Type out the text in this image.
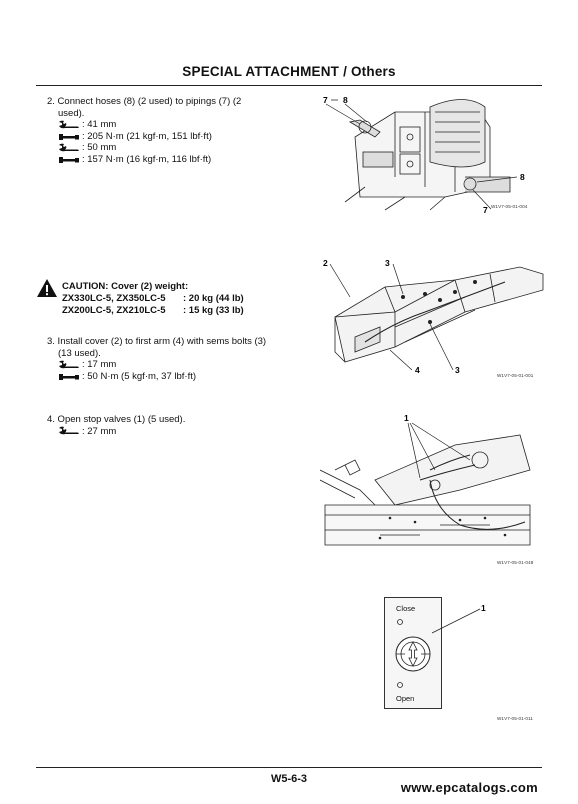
SPECIAL ATTACHMENT / Others
2. Connect hoses (8) (2 used) to pipings (7) (2
used).
: 41 mm
: 205 N·m (21 kgf·m, 151 lbf·ft)
: 50 mm
: 157 N·m (16 kgf·m, 116 lbf·ft)
CAUTION: Cover (2) weight:
ZX330LC-5, ZX350LC-5	: 20 kg (44 lb)
ZX200LC-5, ZX210LC-5	: 15 kg (33 lb)
3. Install cover (2) to first arm (4) with sems bolts (3)
(13 used).
: 17 mm
: 50 N·m (5 kgf·m, 37 lbf·ft)
4. Open stop valves (1) (5 used).
: 27 mm
7 8
8
7 W1V7-05-01-004
2	3
4	3
W1V7-05-01-001
1
W1V7-05-01-049
Close
Open
1
W1V7-05-01-011
W5-6-3
www.epcatalogs.com
